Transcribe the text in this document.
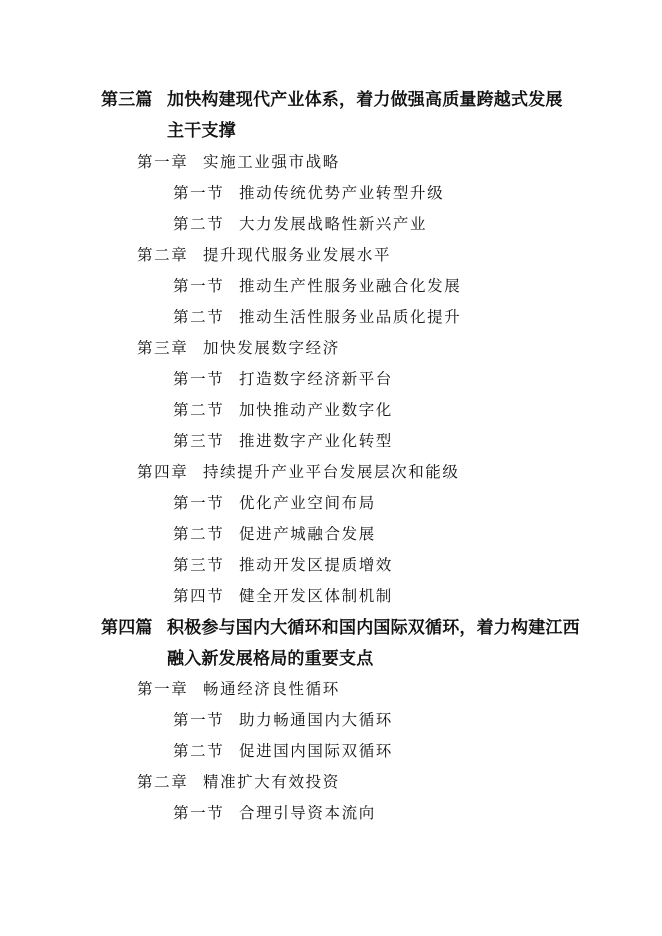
第三篇 加快构建现代产业体系，着力做强高质量跨越式发展
主干支撑
第一章 实施工业强市战略
第一节 推动传统优势产业转型升级
第二节 大力发展战略性新兴产业
第二章 提升现代服务业发展水平
第一节 推动生产性服务业融合化发展
第二节 推动生活性服务业品质化提升
第三章 加快发展数字经济
第一节 打造数字经济新平台
第二节 加快推动产业数字化
第三节 推进数字产业化转型
第四章 持续提升产业平台发展层次和能级
第一节 优化产业空间布局
第二节 促进产城融合发展
第三节 推动开发区提质增效
第四节 健全开发区体制机制
第四篇 积极参与国内大循环和国内国际双循环，着力构建江西
融入新发展格局的重要支点
第一章 畅通经济良性循环
第一节 助力畅通国内大循环
第二节 促进国内国际双循环
第二章 精准扩大有效投资
第一节 合理引导资本流向
